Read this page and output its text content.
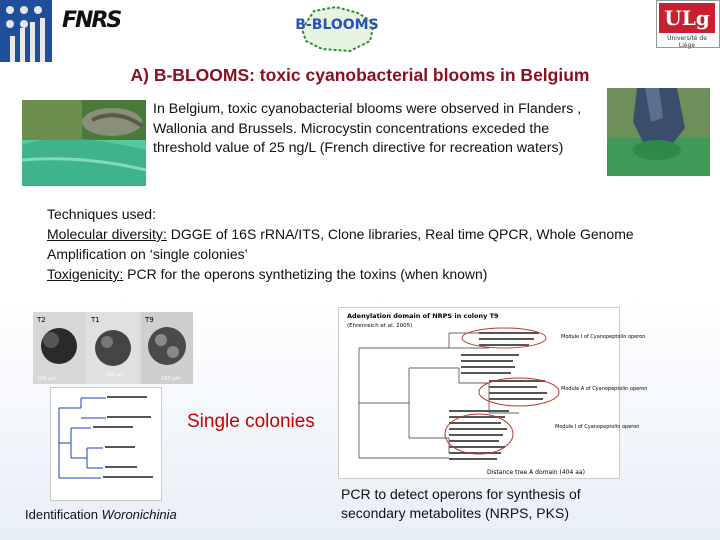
FNRS	B-BLOOMS	ULg
Université de Liège
A) B-BLOOMS: toxic cyanobacterial blooms in Belgium
In Belgium, toxic cyanobacterial blooms were observed in Flanders , Wallonia and Brussels. Microcystin concentrations exceded the threshold value of 25 ng/L (French directive for recreation waters)
Techniques used:
Molecular diversity: DGGE of 16S rRNA/ITS, Clone libraries, Real time QPCR, Whole Genome Amplification on ‘single colonies’
Toxigenicity: PCR for the operons synthetizing the toxins (when known)
T2	T1	T9
100 µm
100 µm
100 µm
Single colonies
Identification Woronichinia
Adenylation domain of NRPS in colony T9
(Ehrenreich et al. 2005)
Module I of Cyanopeptolin operon
Module A of Cyanopeptolin operon
Module I of Cyanopeptolin operon
Distance tree A domain (404 aa)
PCR to detect operons for synthesis of secondary metabolites (NRPS, PKS)
